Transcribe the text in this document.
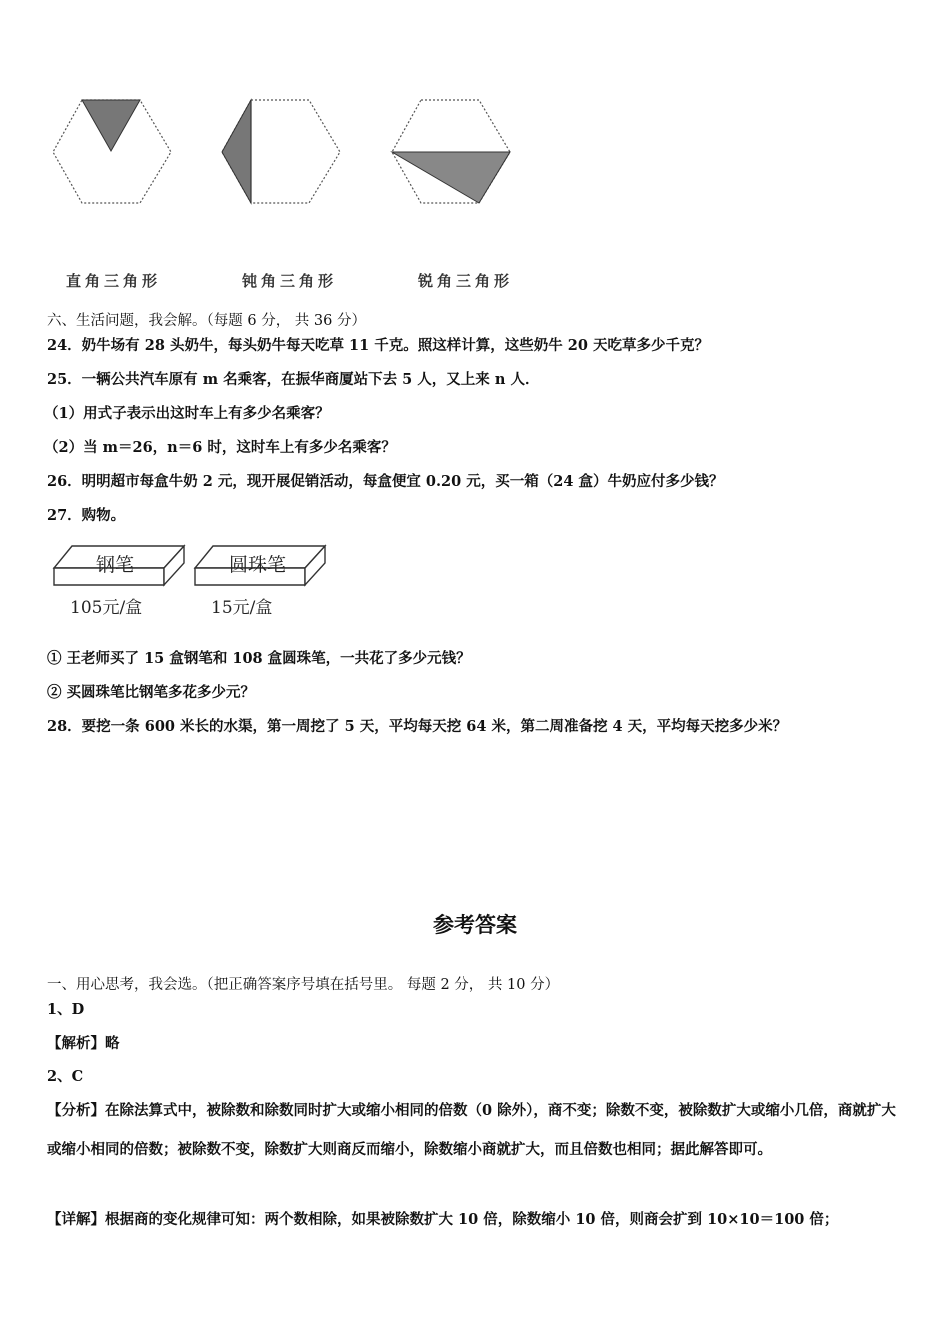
直角三角形	钝角三角形	锐角三角形
六、生活问题，我会解。（每题 6 分， 共 36 分）
24．奶牛场有 28 头奶牛，每头奶牛每天吃草 11 千克。照这样计算，这些奶牛 20 天吃草多少千克？
25．一辆公共汽车原有 m 名乘客，在振华商厦站下去 5 人，又上来 n 人．
（1）用式子表示出这时车上有多少名乘客？
（2）当 m＝26，n＝6 时，这时车上有多少名乘客？
26．明明超市每盒牛奶 2 元，现开展促销活动，每盒便宜 0.20 元，买一箱（24 盒）牛奶应付多少钱？
27．购物。
钢笔	圆珠笔
105元/盒	15元/盒
① 王老师买了 15 盒钢笔和 108 盒圆珠笔，一共花了多少元钱？
② 买圆珠笔比钢笔多花多少元？
28．要挖一条 600 米长的水渠，第一周挖了 5 天，平均每天挖 64 米，第二周准备挖 4 天，平均每天挖多少米？
参考答案
一、用心思考，我会选。（把正确答案序号填在括号里。 每题 2 分， 共 10 分）
1、D
【解析】略
2、C
【分析】在除法算式中，被除数和除数同时扩大或缩小相同的倍数（0 除外），商不变；除数不变，被除数扩大或缩小几倍，商就扩大或缩小相同的倍数；被除数不变，除数扩大则商反而缩小，除数缩小商就扩大，而且倍数也相同；据此解答即可。
【详解】根据商的变化规律可知：两个数相除，如果被除数扩大 10 倍，除数缩小 10 倍，则商会扩到 10×10＝100 倍；
